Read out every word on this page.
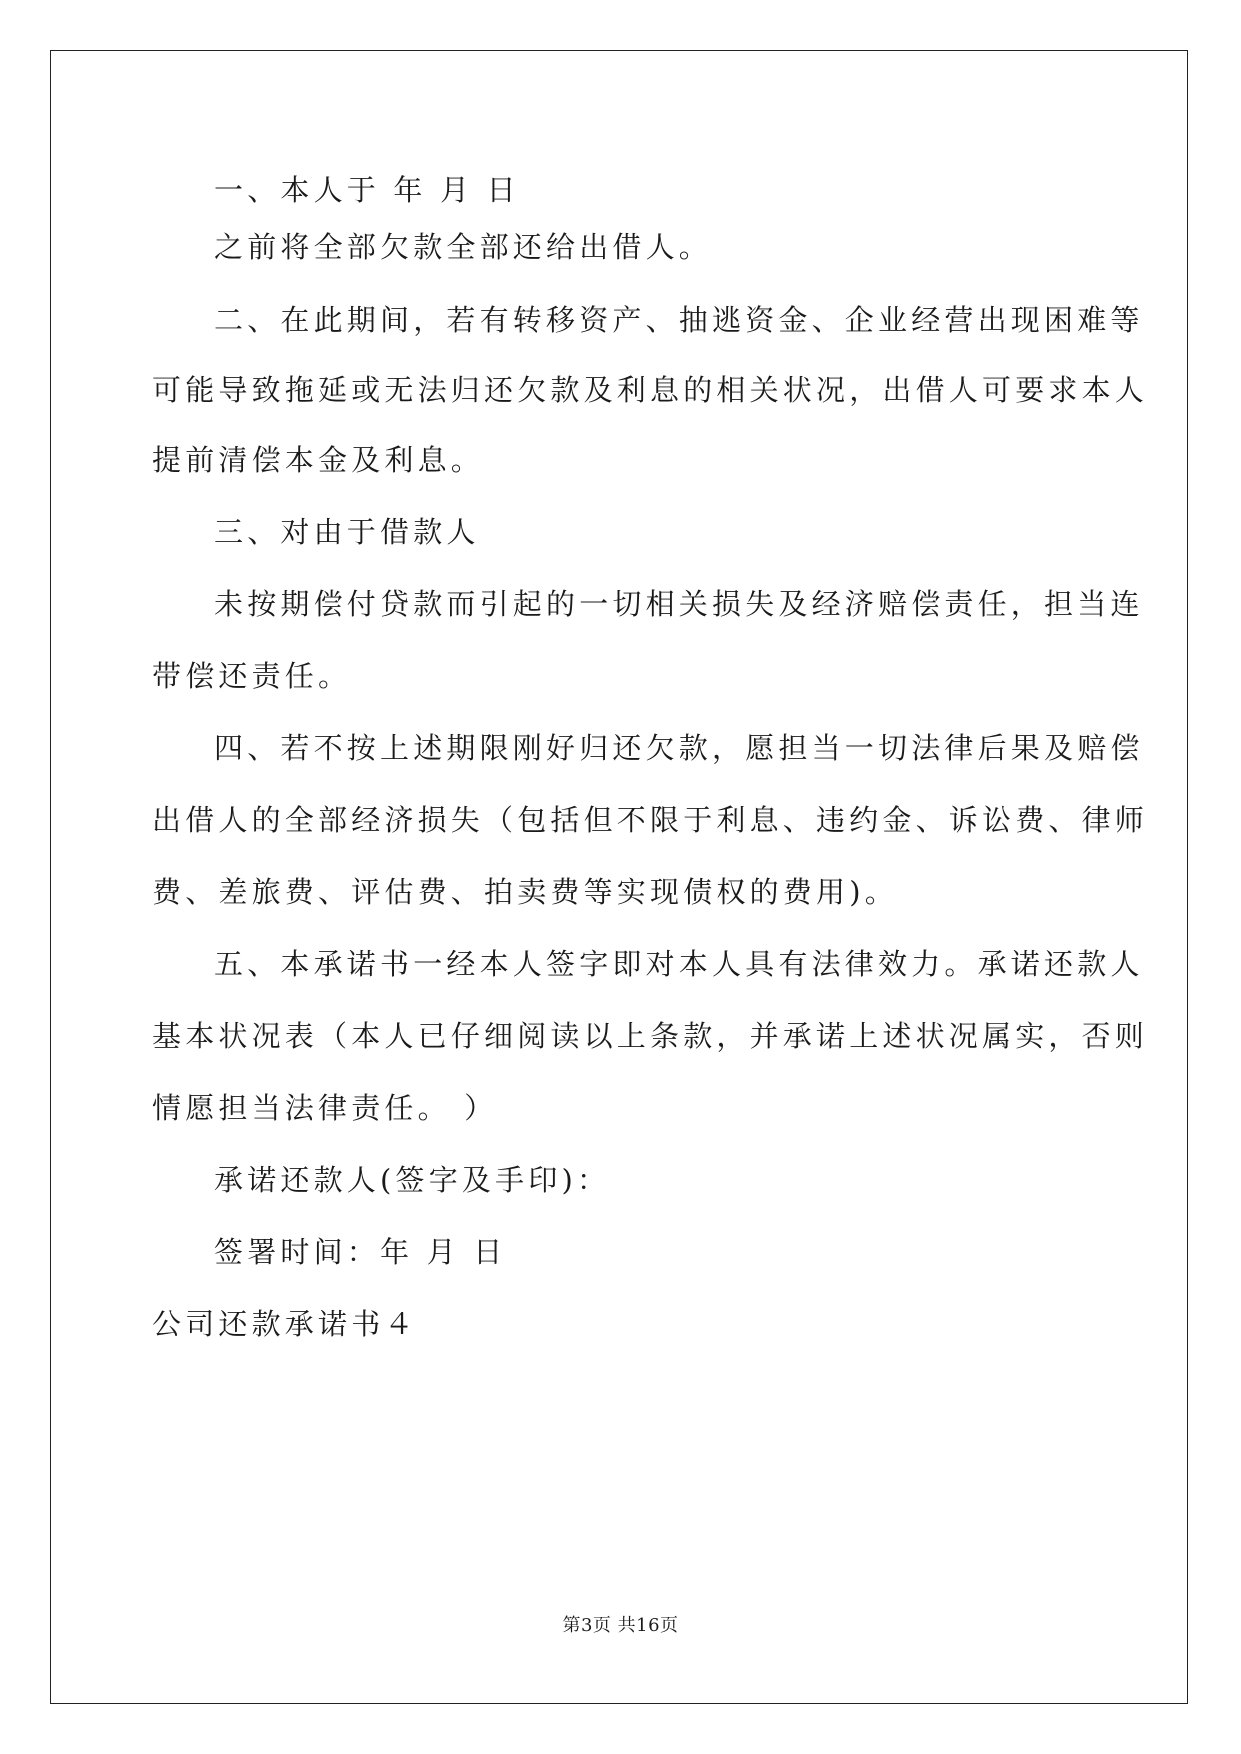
一、本人于 年 月 日
之前将全部欠款全部还给出借人。
二、在此期间，若有转移资产、抽逃资金、企业经营出现困难等
可能导致拖延或无法归还欠款及利息的相关状况，出借人可要求本人
提前清偿本金及利息。
三、对由于借款人
未按期偿付贷款而引起的一切相关损失及经济赔偿责任，担当连
带偿还责任。
四、若不按上述期限刚好归还欠款，愿担当一切法律后果及赔偿
出借人的全部经济损失（包括但不限于利息、违约金、诉讼费、律师
费、差旅费、评估费、拍卖费等实现债权的费用)。
五、本承诺书一经本人签字即对本人具有法律效力。承诺还款人
基本状况表（本人已仔细阅读以上条款，并承诺上述状况属实，否则
情愿担当法律责任。 ）
承诺还款人(签字及手印)：
签署时间：年 月 日
公司还款承诺书４
第3页 共16页
